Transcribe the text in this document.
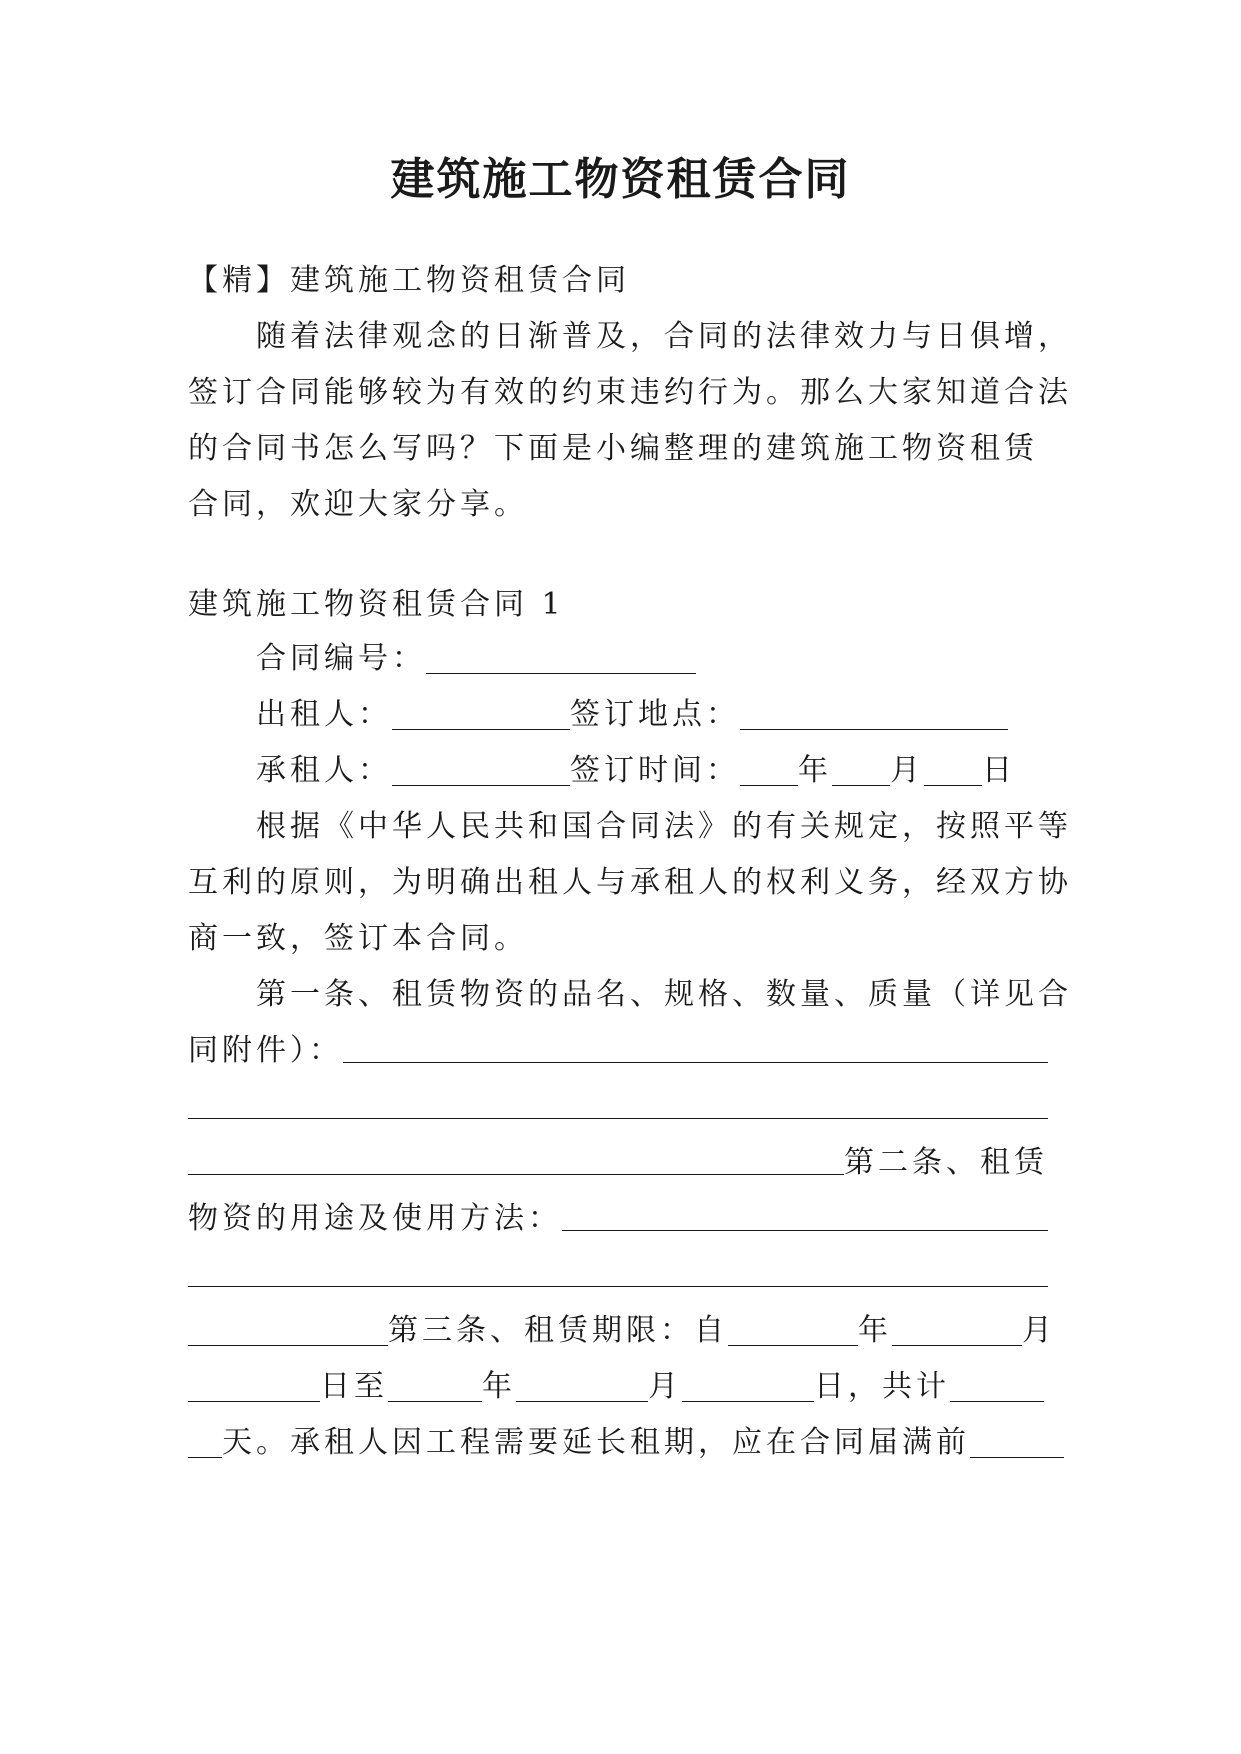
建筑施工物资租赁合同
【精】建筑施工物资租赁合同
随着法律观念的日渐普及，合同的法律效力与日俱增，
签订合同能够较为有效的约束违约行为。那么大家知道合法
的合同书怎么写吗？下面是小编整理的建筑施工物资租赁
合同，欢迎大家分享。
建筑施工物资租赁合同 1
合同编号：
出租人：	签订地点：
承租人：	签订时间： 年 月 日
根据《中华人民共和国合同法》的有关规定，按照平等
互利的原则，为明确出租人与承租人的权利义务，经双方协
商一致，签订本合同。
第一条、租赁物资的品名、规格、数量、质量（详见合
同附件）：
第二条、租赁
物资的用途及使用方法：
第三条、租赁期限：自	年	月
日至	年	月	日，共计
天。承租人因工程需要延长租期，应在合同届满前
